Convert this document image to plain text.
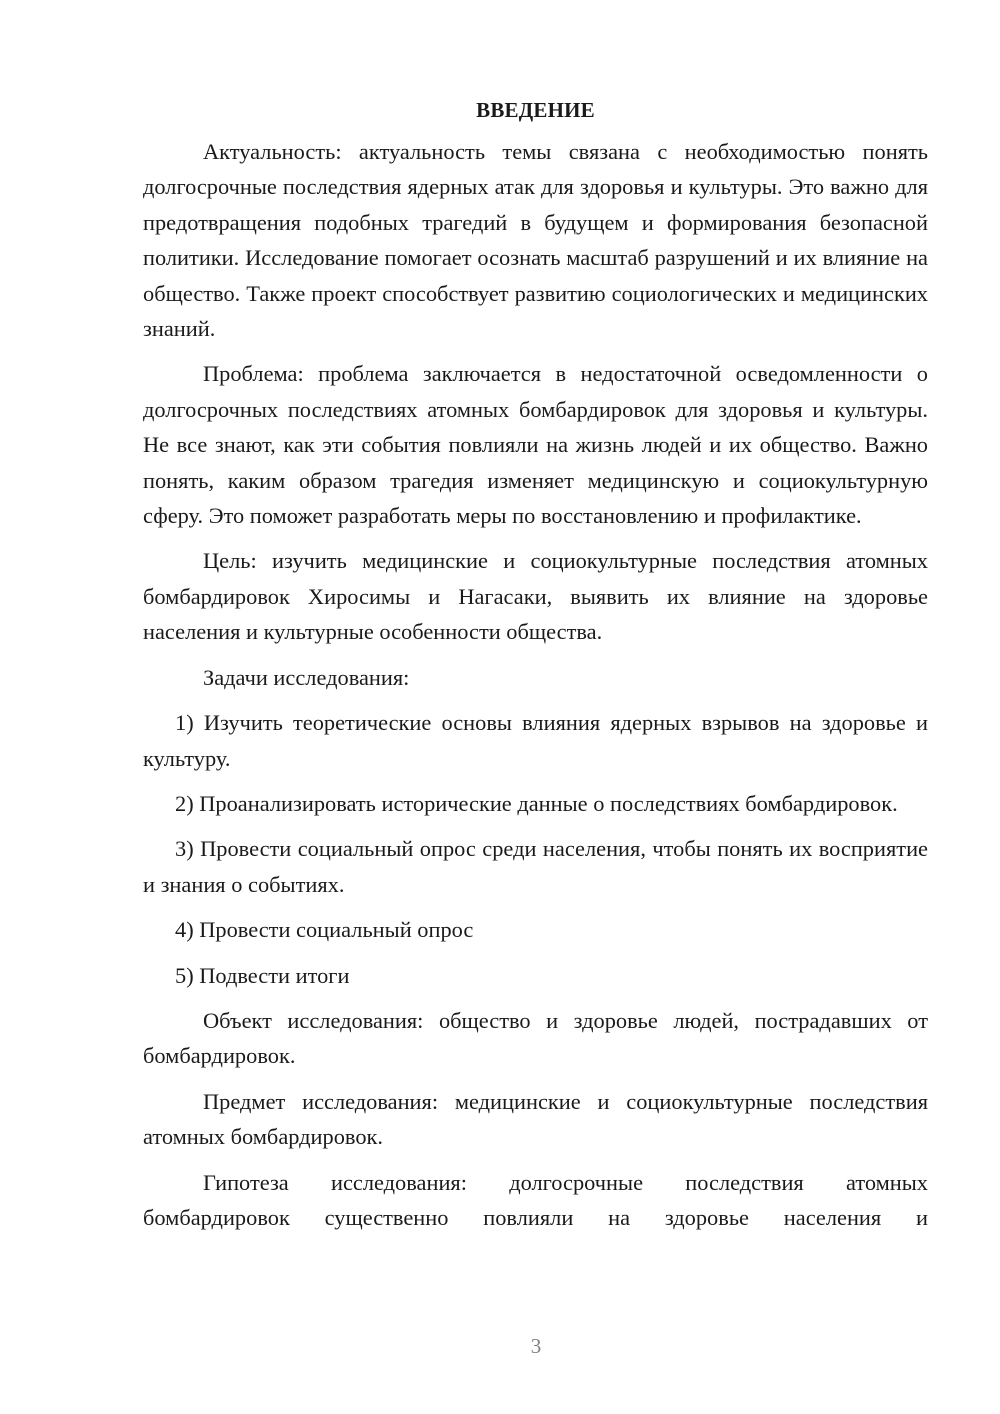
ВВЕДЕНИЕ

Актуальность: актуальность темы связана с необходимостью понять долгосрочные последствия ядерных атак для здоровья и культуры. Это важно для предотвращения подобных трагедий в будущем и формирования безопасной политики. Исследование помогает осознать масштаб разрушений и их влияние на общество. Также проект способствует развитию социологических и медицинских знаний.

Проблема: проблема заключается в недостаточной осведомленности о долгосрочных последствиях атомных бомбардировок для здоровья и культуры. Не все знают, как эти события повлияли на жизнь людей и их общество. Важно понять, каким образом трагедия изменяет медицинскую и социокультурную сферу. Это поможет разработать меры по восстановлению и профилактике.

Цель: изучить медицинские и социокультурные последствия атомных бомбардировок Хиросимы и Нагасаки, выявить их влияние на здоровье населения и культурные особенности общества.

Задачи исследования:

1) Изучить теоретические основы влияния ядерных взрывов на здоровье и культуру.

2) Проанализировать исторические данные о последствиях бомбардировок.

3) Провести социальный опрос среди населения, чтобы понять их восприятие и знания о событиях.

4) Провести социальный опрос

5) Подвести итоги

Объект исследования: общество и здоровье людей, пострадавших от бомбардировок.

Предмет исследования: медицинские и социокультурные последствия атомных бомбардировок.

Гипотеза исследования: долгосрочные последствия атомных бомбардировок существенно повлияли на здоровье населения и

3
